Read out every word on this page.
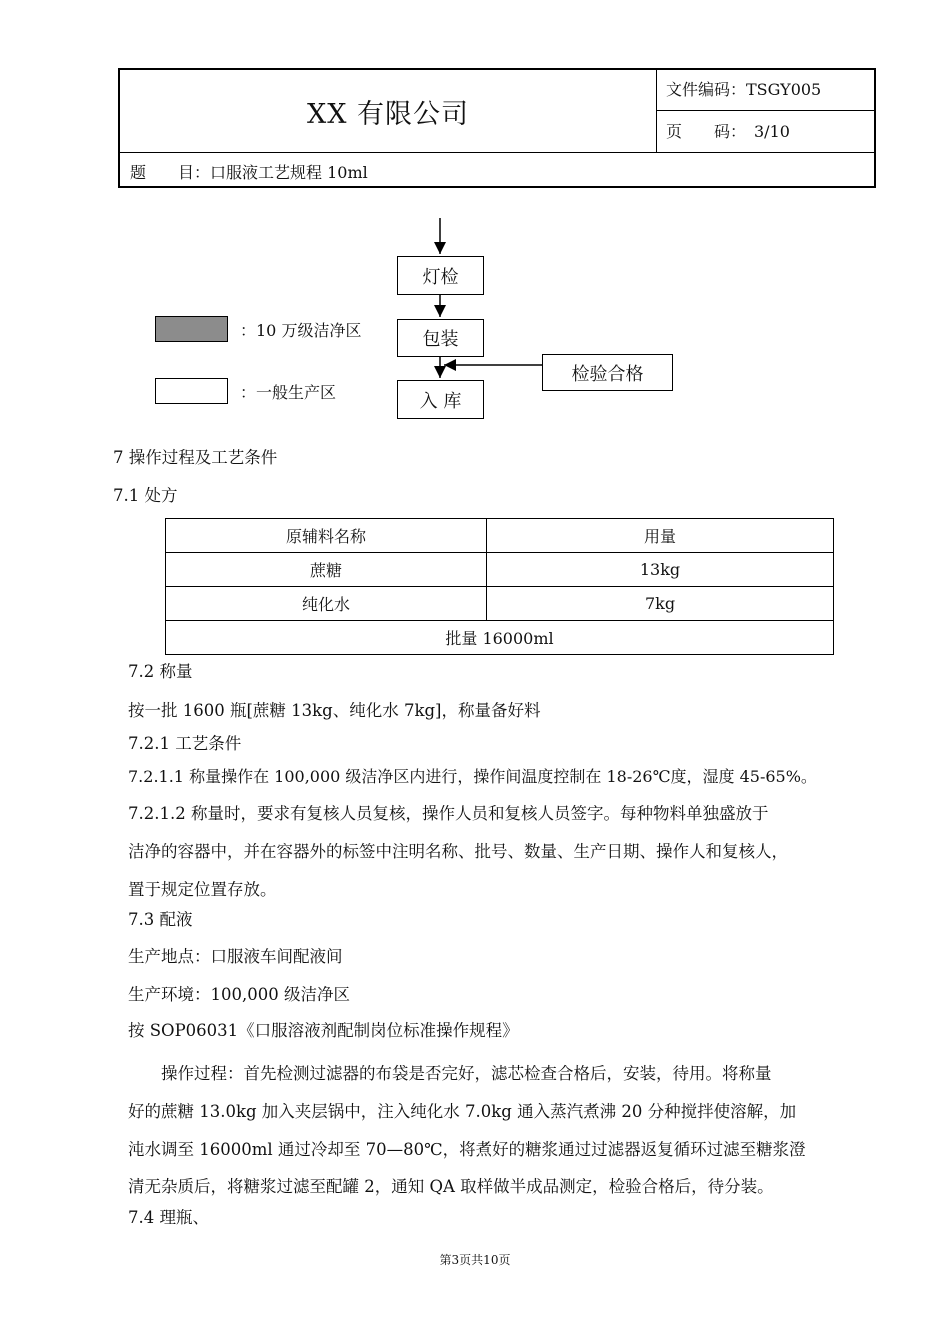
XX 有限公司
文件编码：TSGY005
页　　码：　3/10
题　　目：口服液工艺规程 10ml
灯检
包装
入 库
检验合格
：10 万级洁净区
：一般生产区
7 操作过程及工艺条件
7.1 处方
原辅料名称	用量
蔗糖	13kg
纯化水	7kg
批量 16000ml	
7.2 称量
按一批 1600 瓶[蔗糖 13kg、纯化水 7kg]，称量备好料
7.2.1 工艺条件
7.2.1.1 称量操作在 100,000 级洁净区内进行，操作间温度控制在 18-26℃度，湿度 45-65%。
7.2.1.2 称量时，要求有复核人员复核，操作人员和复核人员签字。每种物料单独盛放于
洁净的容器中，并在容器外的标签中注明名称、批号、数量、生产日期、操作人和复核人，
置于规定位置存放。
7.3 配液
生产地点：口服液车间配液间
生产环境：100,000 级洁净区
按 SOP06031《口服溶液剂配制岗位标准操作规程》
操作过程：首先检测过滤器的布袋是否完好，滤芯检查合格后，安装，待用。将称量
好的蔗糖 13.0kg 加入夹层锅中，注入纯化水 7.0kg 通入蒸汽煮沸 20 分种搅拌使溶解，加
沌水调至 16000ml 通过冷却至 70—80℃，将煮好的糖浆通过过滤器返复循环过滤至糖浆澄
清无杂质后，将糖浆过滤至配罐 2，通知 QA 取样做半成品测定，检验合格后，待分装。
7.4 理瓶、
第3页共10页
